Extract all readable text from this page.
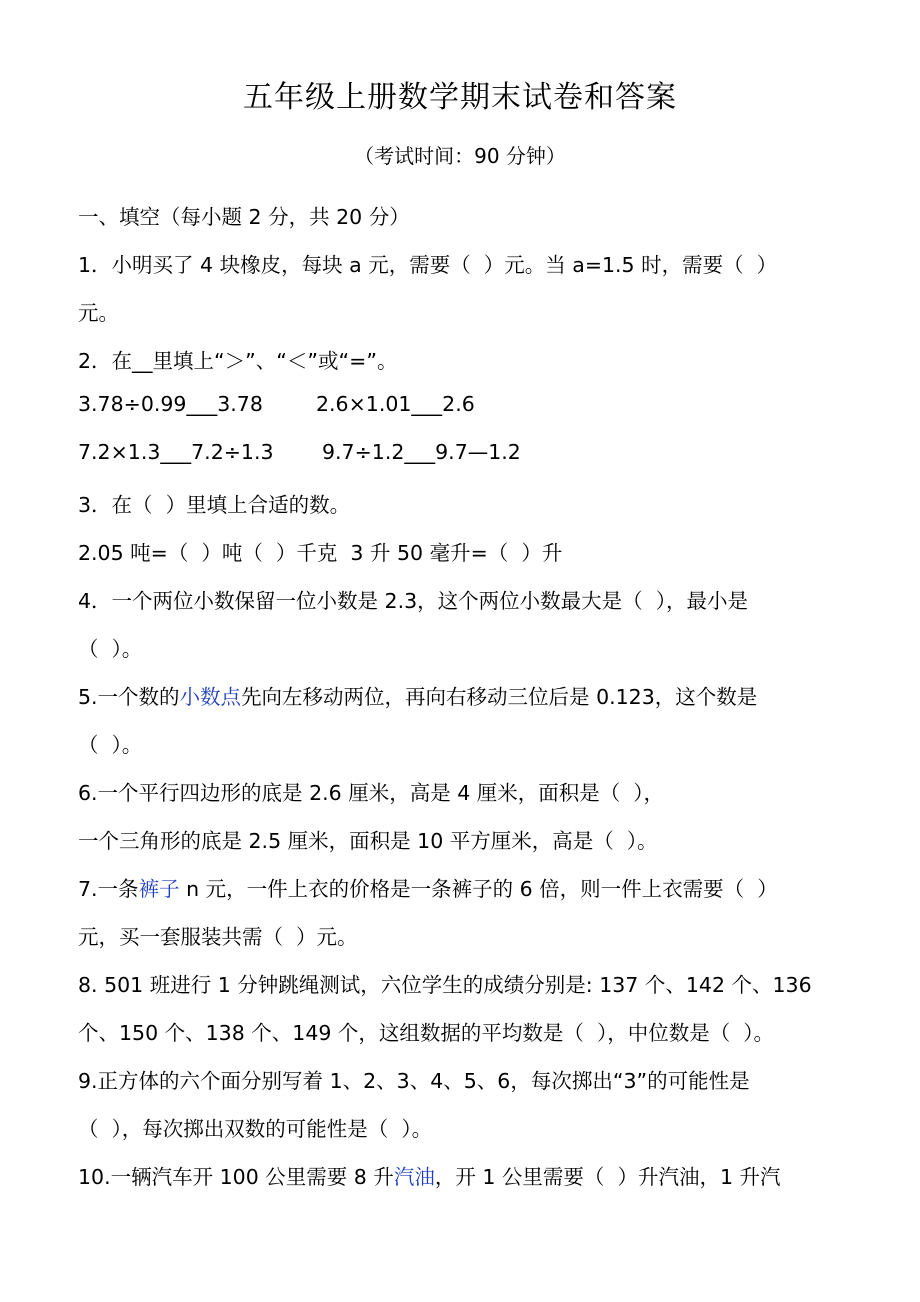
五年级上册数学期末试卷和答案
（考试时间：90 分钟）
一、填空（每小题 2 分，共 20 分）
1．小明买了 4 块橡皮，每块 a 元，需要（  ）元。当 a=1.5 时，需要（  ）
元。
2．在__里填上“＞”、“＜”或“=”。
3.78÷0.99___3.78	2.6×1.01___2.6
7.2×1.3___7.2÷1.3 9.7÷1.2___9.7—1.2
3．在（  ）里填上合适的数。
2.05 吨=（  ）吨（  ）千克  3 升 50 毫升=（  ）升
4．一个两位小数保留一位小数是 2.3，这个两位小数最大是（  ），最小是
（  ）。
5.一个数的小数点先向左移动两位，再向右移动三位后是 0.123，这个数是
（  ）。
6.一个平行四边形的底是 2.6 厘米，高是 4 厘米，面积是（  ），
一个三角形的底是 2.5 厘米，面积是 10 平方厘米，高是（  ）。
7.一条裤子 n 元，一件上衣的价格是一条裤子的 6 倍，则一件上衣需要（  ）
元，买一套服装共需（  ）元。
8. 501 班进行 1 分钟跳绳测试，六位学生的成绩分别是: 137 个、142 个、136
个、150 个、138 个、149 个，这组数据的平均数是（  ），中位数是（  ）。
9.正方体的六个面分别写着 1、2、3、4、5、6，每次掷出“3”的可能性是
（  ），每次掷出双数的可能性是（  ）。
10.一辆汽车开 100 公里需要 8 升汽油，开 1 公里需要（  ）升汽油，1 升汽
